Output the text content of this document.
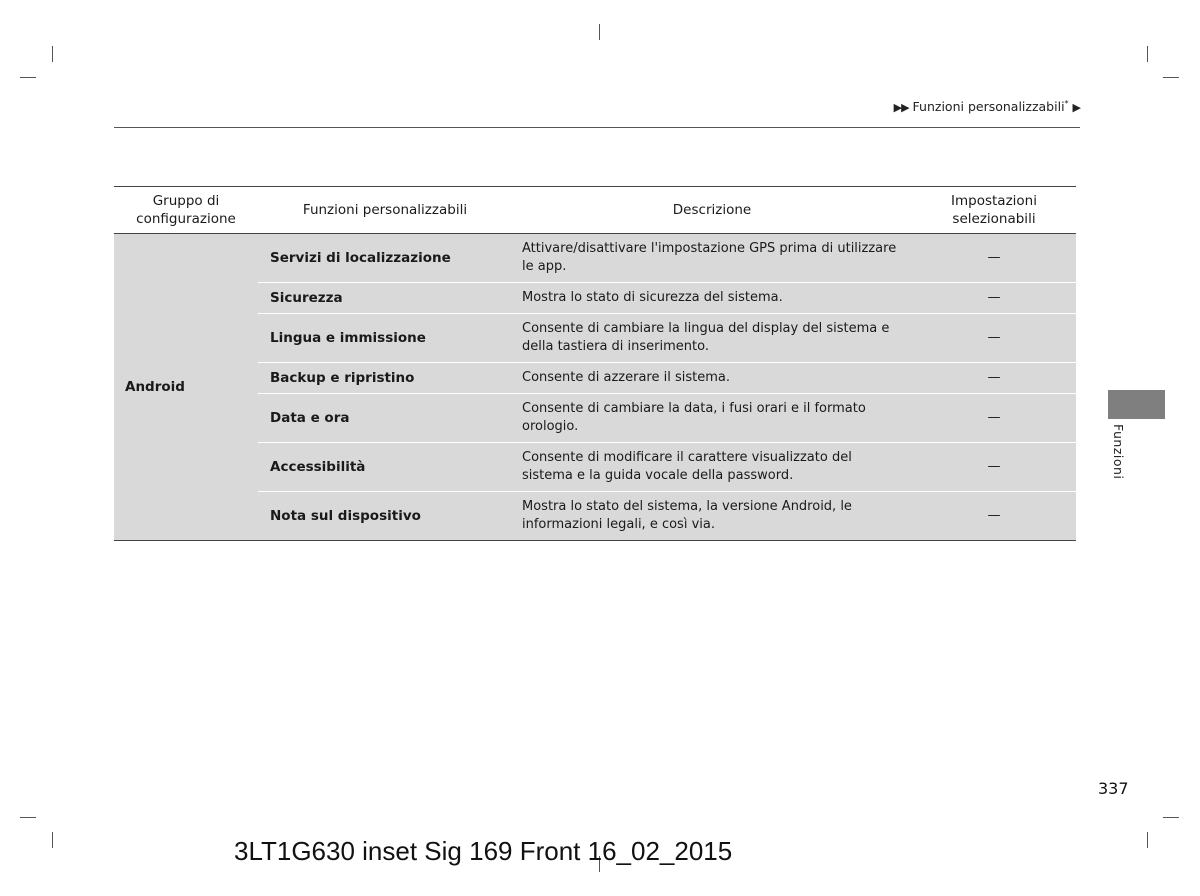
▶▶ Funzioni personalizzabili* ▶
Gruppo di configurazione	Funzioni personalizzabili	Descrizione	Impostazioni selezionabili
Android	Servizi di localizzazione	Attivare/disattivare l'impostazione GPS prima di utilizzare le app.	—
	Sicurezza	Mostra lo stato di sicurezza del sistema.	—
	Lingua e immissione	Consente di cambiare la lingua del display del sistema e della tastiera di inserimento.	—
	Backup e ripristino	Consente di azzerare il sistema.	—
	Data e ora	Consente di cambiare la data, i fusi orari e il formato orologio.	—
	Accessibilità	Consente di modificare il carattere visualizzato del sistema e la guida vocale della password.	—
	Nota sul dispositivo	Mostra lo stato del sistema, la versione Android, le informazioni legali, e così via.	—
Funzioni
337
3LT1G630 inset Sig 169 Front 16_02_2015
